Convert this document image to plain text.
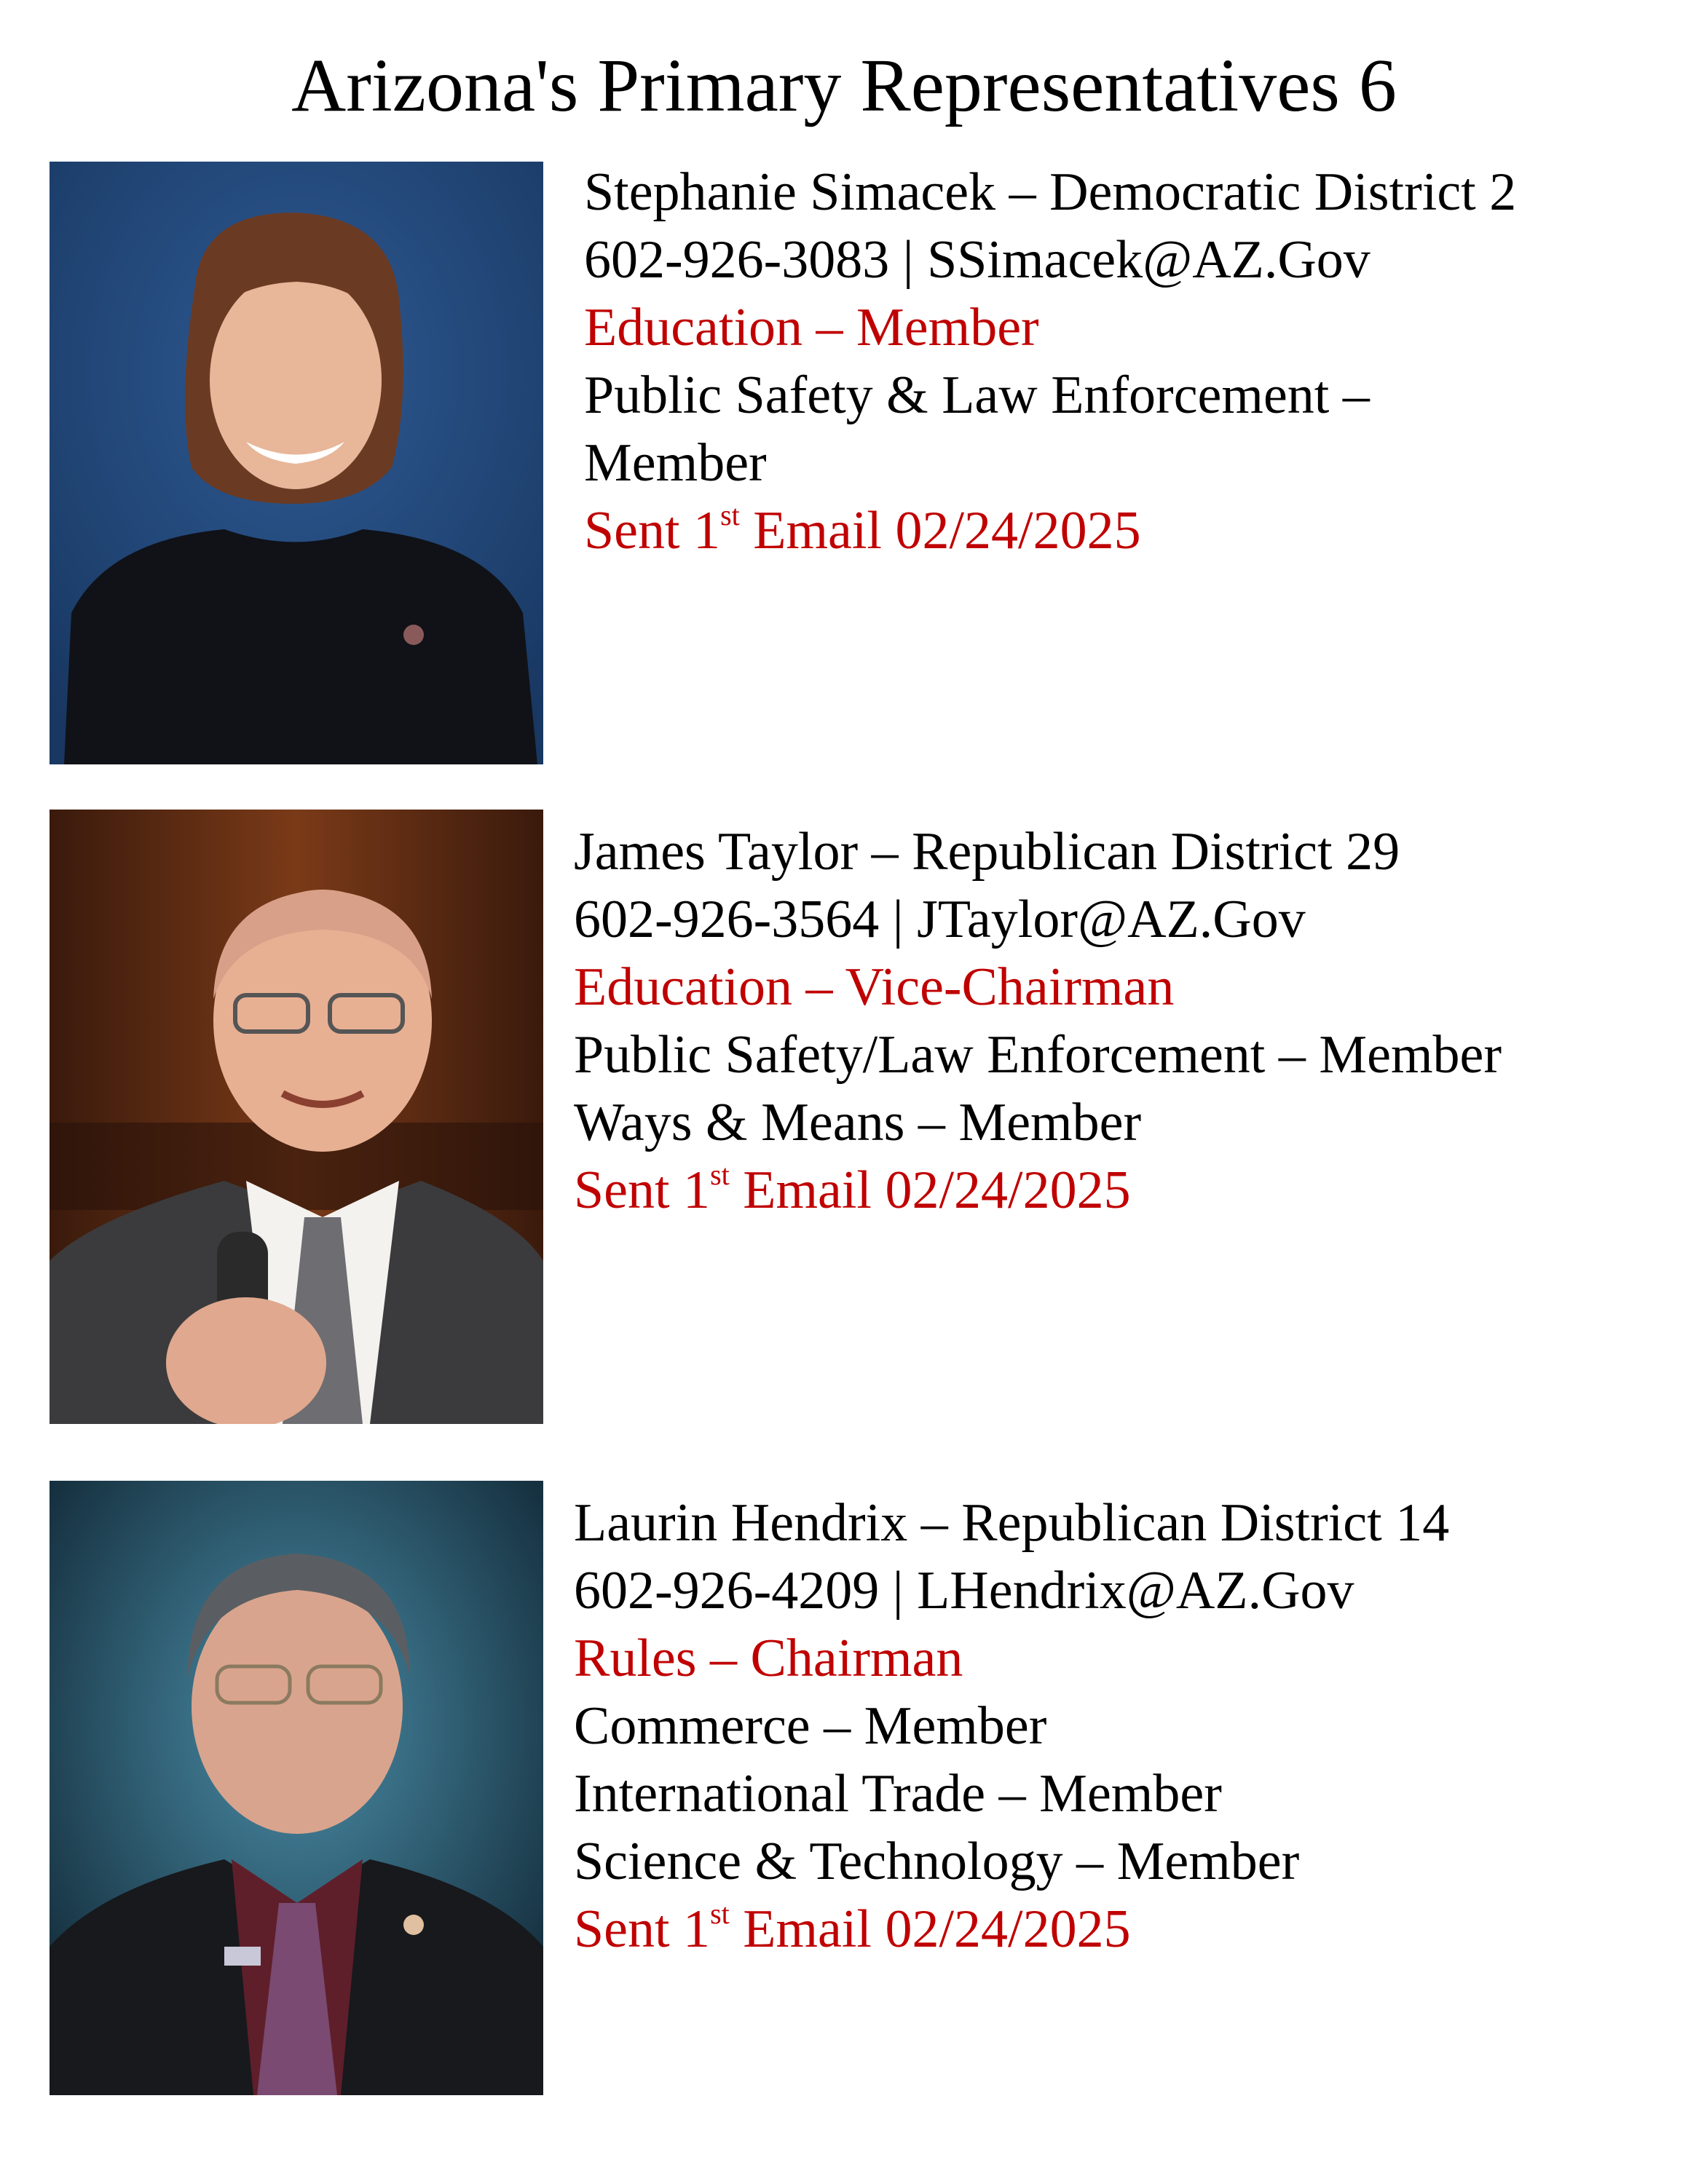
Arizona's Primary Representatives 6
Stephanie Simacek – Democratic District 2
602-926-3083 | SSimacek@AZ.Gov
Education – Member
Public Safety & Law Enforcement –
Member
Sent 1st Email 02/24/2025
James Taylor – Republican District 29
602-926-3564 | JTaylor@AZ.Gov
Education – Vice-Chairman
Public Safety/Law Enforcement – Member
Ways & Means – Member
Sent 1st Email 02/24/2025
Laurin Hendrix – Republican District 14
602-926-4209 | LHendrix@AZ.Gov
Rules – Chairman
Commerce – Member
International Trade – Member
Science & Technology – Member
Sent 1st Email 02/24/2025
